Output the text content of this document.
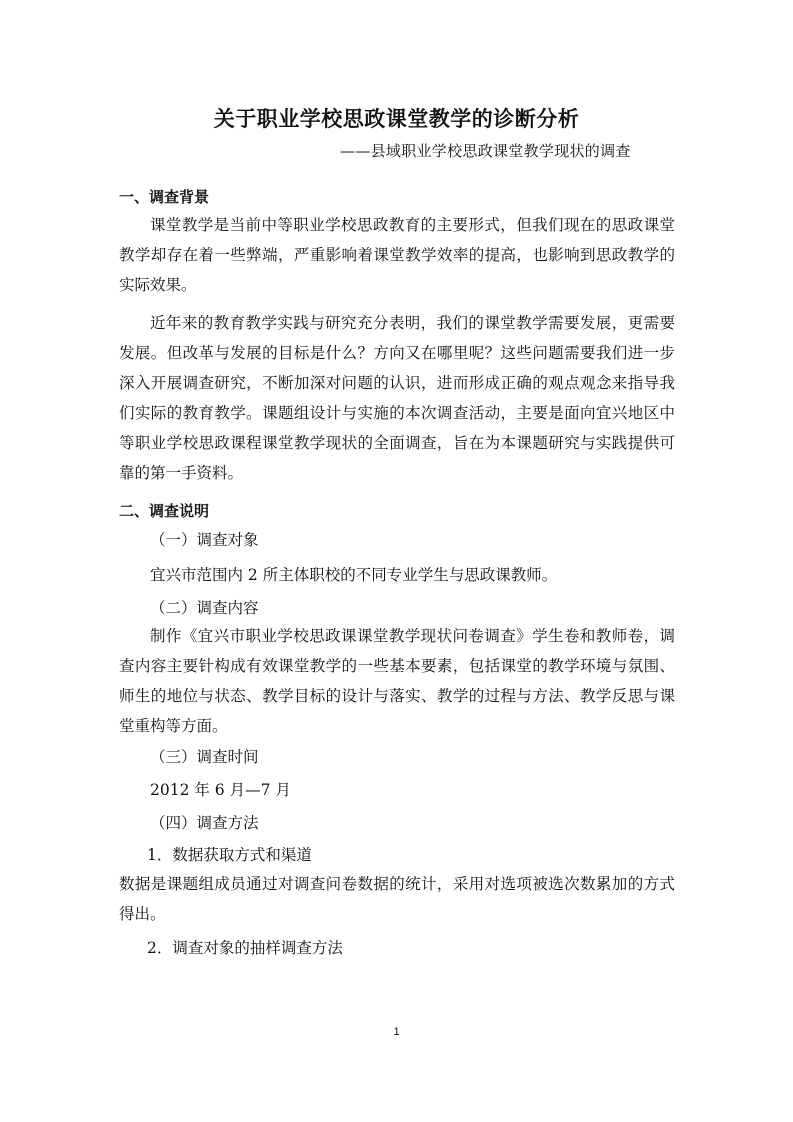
关于职业学校思政课堂教学的诊断分析
——县域职业学校思政课堂教学现状的调查
一、调查背景
课堂教学是当前中等职业学校思政教育的主要形式，但我们现在的思政课堂教学却存在着一些弊端，严重影响着课堂教学效率的提高，也影响到思政教学的实际效果。
近年来的教育教学实践与研究充分表明，我们的课堂教学需要发展，更需要发展。但改革与发展的目标是什么？方向又在哪里呢？这些问题需要我们进一步深入开展调查研究，不断加深对问题的认识，进而形成正确的观点观念来指导我们实际的教育教学。课题组设计与实施的本次调查活动，主要是面向宜兴地区中等职业学校思政课程课堂教学现状的全面调查，旨在为本课题研究与实践提供可靠的第一手资料。
二、调查说明
（一）调查对象
宜兴市范围内 2 所主体职校的不同专业学生与思政课教师。
（二）调查内容
制作《宜兴市职业学校思政课课堂教学现状问卷调查》学生卷和教师卷，调查内容主要针构成有效课堂教学的一些基本要素，包括课堂的教学环境与氛围、师生的地位与状态、教学目标的设计与落实、教学的过程与方法、教学反思与课堂重构等方面。
（三）调查时间
2012 年 6 月—7 月
（四）调查方法
1．数据获取方式和渠道
数据是课题组成员通过对调查问卷数据的统计，采用对选项被选次数累加的方式得出。
2．调查对象的抽样调查方法
1
